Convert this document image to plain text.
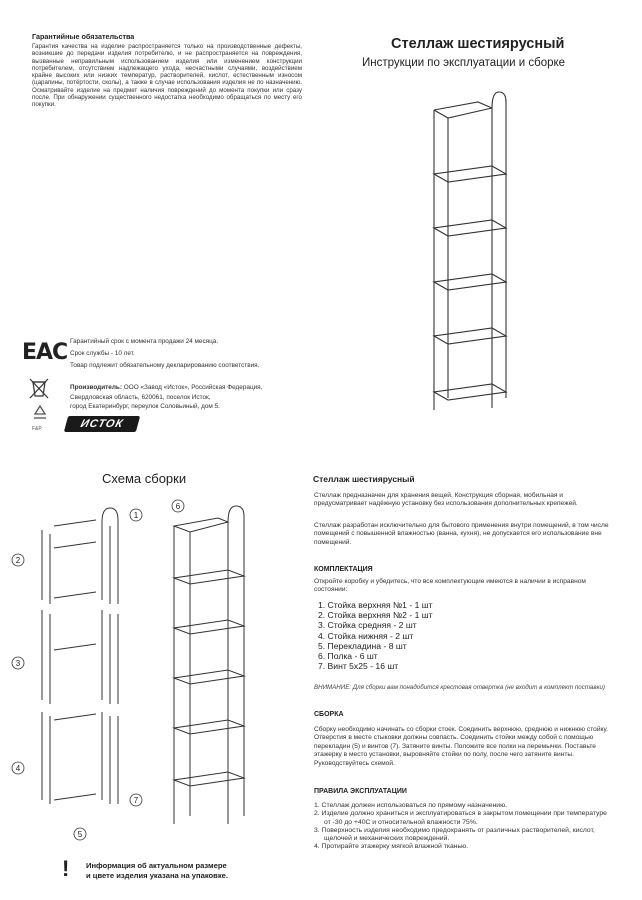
Гарантийные обязательства
Гарантия качества на изделие распространяется только на производственные дефекты, возникшие до передачи изделия потребителю, и не распространяется на повреждения, вызванные неправильным использованием изделия или изменением конструкции потребителем, отсутствием надлежащего ухода, несчастными случаями, воздействием крайне высоких или низких температур, растворителей, кислот, естественным износом (царапины, потёртости, сколы), а также в случае использования изделия не по назначению. Осматривайте изделие на предмет наличия повреждений до момента покупки или сразу после. При обнаружении существенного недостатка необходимо обращаться по месту его покупки.
Стеллаж шестиярусный
Инструкции по эксплуатации и сборке
EAC Гарантийный срок с момента продажи 24 месяца.
Срок службы - 10 лет.
Товар подлежит обязательному декларированию соответствия.
Производитель: ООО «Завод «Исток», Российская Федерация,
Свердловская область, 620061, поселок Исток,
город Екатеринбург, переулок Соловьиный, дом 5.
F&P	ИСТОК
Схема сборки
1
2
3
4
5
7
6
Стеллаж шестиярусный
Стеллаж предназначен для хранения вещей. Конструкция сборная, мобильная и предусматривает надёжную установку без использования дополнительных крепежей.
Стеллаж разработан исключительно для бытового применения внутри помещений, в том числе помещений с повышенной влажностью (ванна, кухня), не допускается его использование вне помещений.
КОМПЛЕКТАЦИЯ
Откройте коробку и убедитесь, что все комплектующие имеются в наличии в исправном состоянии:
1. Стойка верхняя №1 - 1 шт
2. Стойка верхняя №2 - 1 шт
3. Стойка средняя - 2 шт
4. Стойка нижняя - 2 шт
5. Перекладина - 8 шт
6. Полка - 6 шт
7. Винт 5х25 - 16 шт
ВНИМАНИЕ: Для сборки вам понадобится крестовая отвертка (не входит в комплект поставки)
СБОРКА
Сборку необходимо начинать со сборки стоек. Соединить верхнюю, среднюю и нижнюю стойку. Отверстия в месте стыковки должны совпасть. Соединить стойки между собой с помощью перекладин (5) и винтов (7). Затяните винты. Положите все полки на перемычки. Поставьте этажерку в место установки, выровняйте стойки по полу, после чего затяните винты. Руководствуйтесь схемой.
ПРАВИЛА ЭКСПЛУАТАЦИИ
1. Стеллаж должен использоваться по прямому назначению.
2. Изделие должно храниться и эксплуатироваться в закрытом помещении при температуре от -30 до +40С и относительной влажности 75%.
3. Поверхность изделия необходимо предохранять от различных растворителей, кислот, щелочей и механических повреждений.
4. Протирайте этажерку мягкой влажной тканью.
! Информация об актуальном размере
и цвете изделия указана на упаковке.
